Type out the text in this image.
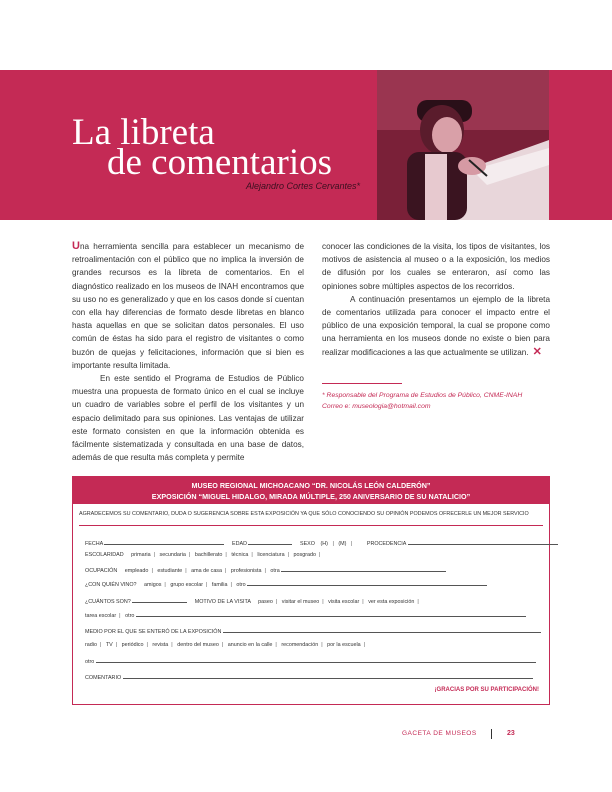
La libreta
de comentarios
Alejandro Cortes Cervantes*

Una herramienta sencilla para establecer un mecanismo de retroalimentación con el público que no implica la inversión de grandes recursos es la libreta de comentarios. En el diagnóstico realizado en los museos de INAH encontramos que su uso no es generalizado y que en los casos donde sí cuentan con ella hay diferencias de formato desde libretas en blanco hasta aquellas en que se solicitan datos personales. El uso común de éstas ha sido para el registro de visitantes o como buzón de quejas y felicitaciones, información que si bien es importante resulta limitada.

En este sentido el Programa de Estudios de Público muestra una propuesta de formato único en el cual se incluye un cuadro de variables sobre el perfil de los visitantes y un espacio delimitado para sus opiniones. Las ventajas de utilizar este formato consisten en que la información obtenida es fácilmente sistematizada y consultada en una base de datos, además de que resulta más completa y permite

conocer las condiciones de la visita, los tipos de visitantes, los motivos de asistencia al museo o a la exposición, los medios de difusión por los cuales se enteraron, así como las opiniones sobre múltiples aspectos de los recorridos.

A continuación presentamos un ejemplo de la libreta de comentarios utilizada para conocer el impacto entre el público de una exposición temporal, la cual se propone como una herramienta en los museos donde no existe o bien para realizar modificaciones a las que actualmente se utilizan. ✕

* Responsable del Programa de Estudios de Público, CNME-INAH
Correo e: museologia@hotmail.com
MUSEO REGIONAL MICHOACANO “DR. NICOLÁS LEÓN CALDERÓN”
EXPOSICIÓN “MIGUEL HIDALGO, MIRADA MÚLTIPLE, 250 ANIVERSARIO DE SU NATALICIO”
AGRADECEMOS SU COMENTARIO, DUDA O SUGERENCIA SOBRE ESTA EXPOSICIÓN YA QUE SÓLO CONOCIENDO SU OPINIÓN PODEMOS OFRECERLE UN MEJOR SERVICIO
FECHA	EDAD	SEXO (H) | (M) |	PROCEDENCIA
ESCOLARIDAD primaria | secundaria | bachillerato | técnica | licenciatura | posgrado |
OCUPACIÓN empleado | estudiante | ama de casa | profesionista | otra
¿CON QUIÉN VINO? amigos | grupo escolar | familia | otro
¿CUÁNTOS SON?	MOTIVO DE LA VISITA paseo | visitar el museo | visita escolar | ver esta exposición |
tarea escolar | otro
MEDIO POR EL QUE SE ENTERÓ DE LA EXPOSICIÓN
radio | TV | periódico | revista | dentro del museo | anuncio en la calle | recomendación | por la escuela |
otro
COMENTARIO
¡GRACIAS POR SU PARTICIPACIÓN!
GACETA DE MUSEOS	23
